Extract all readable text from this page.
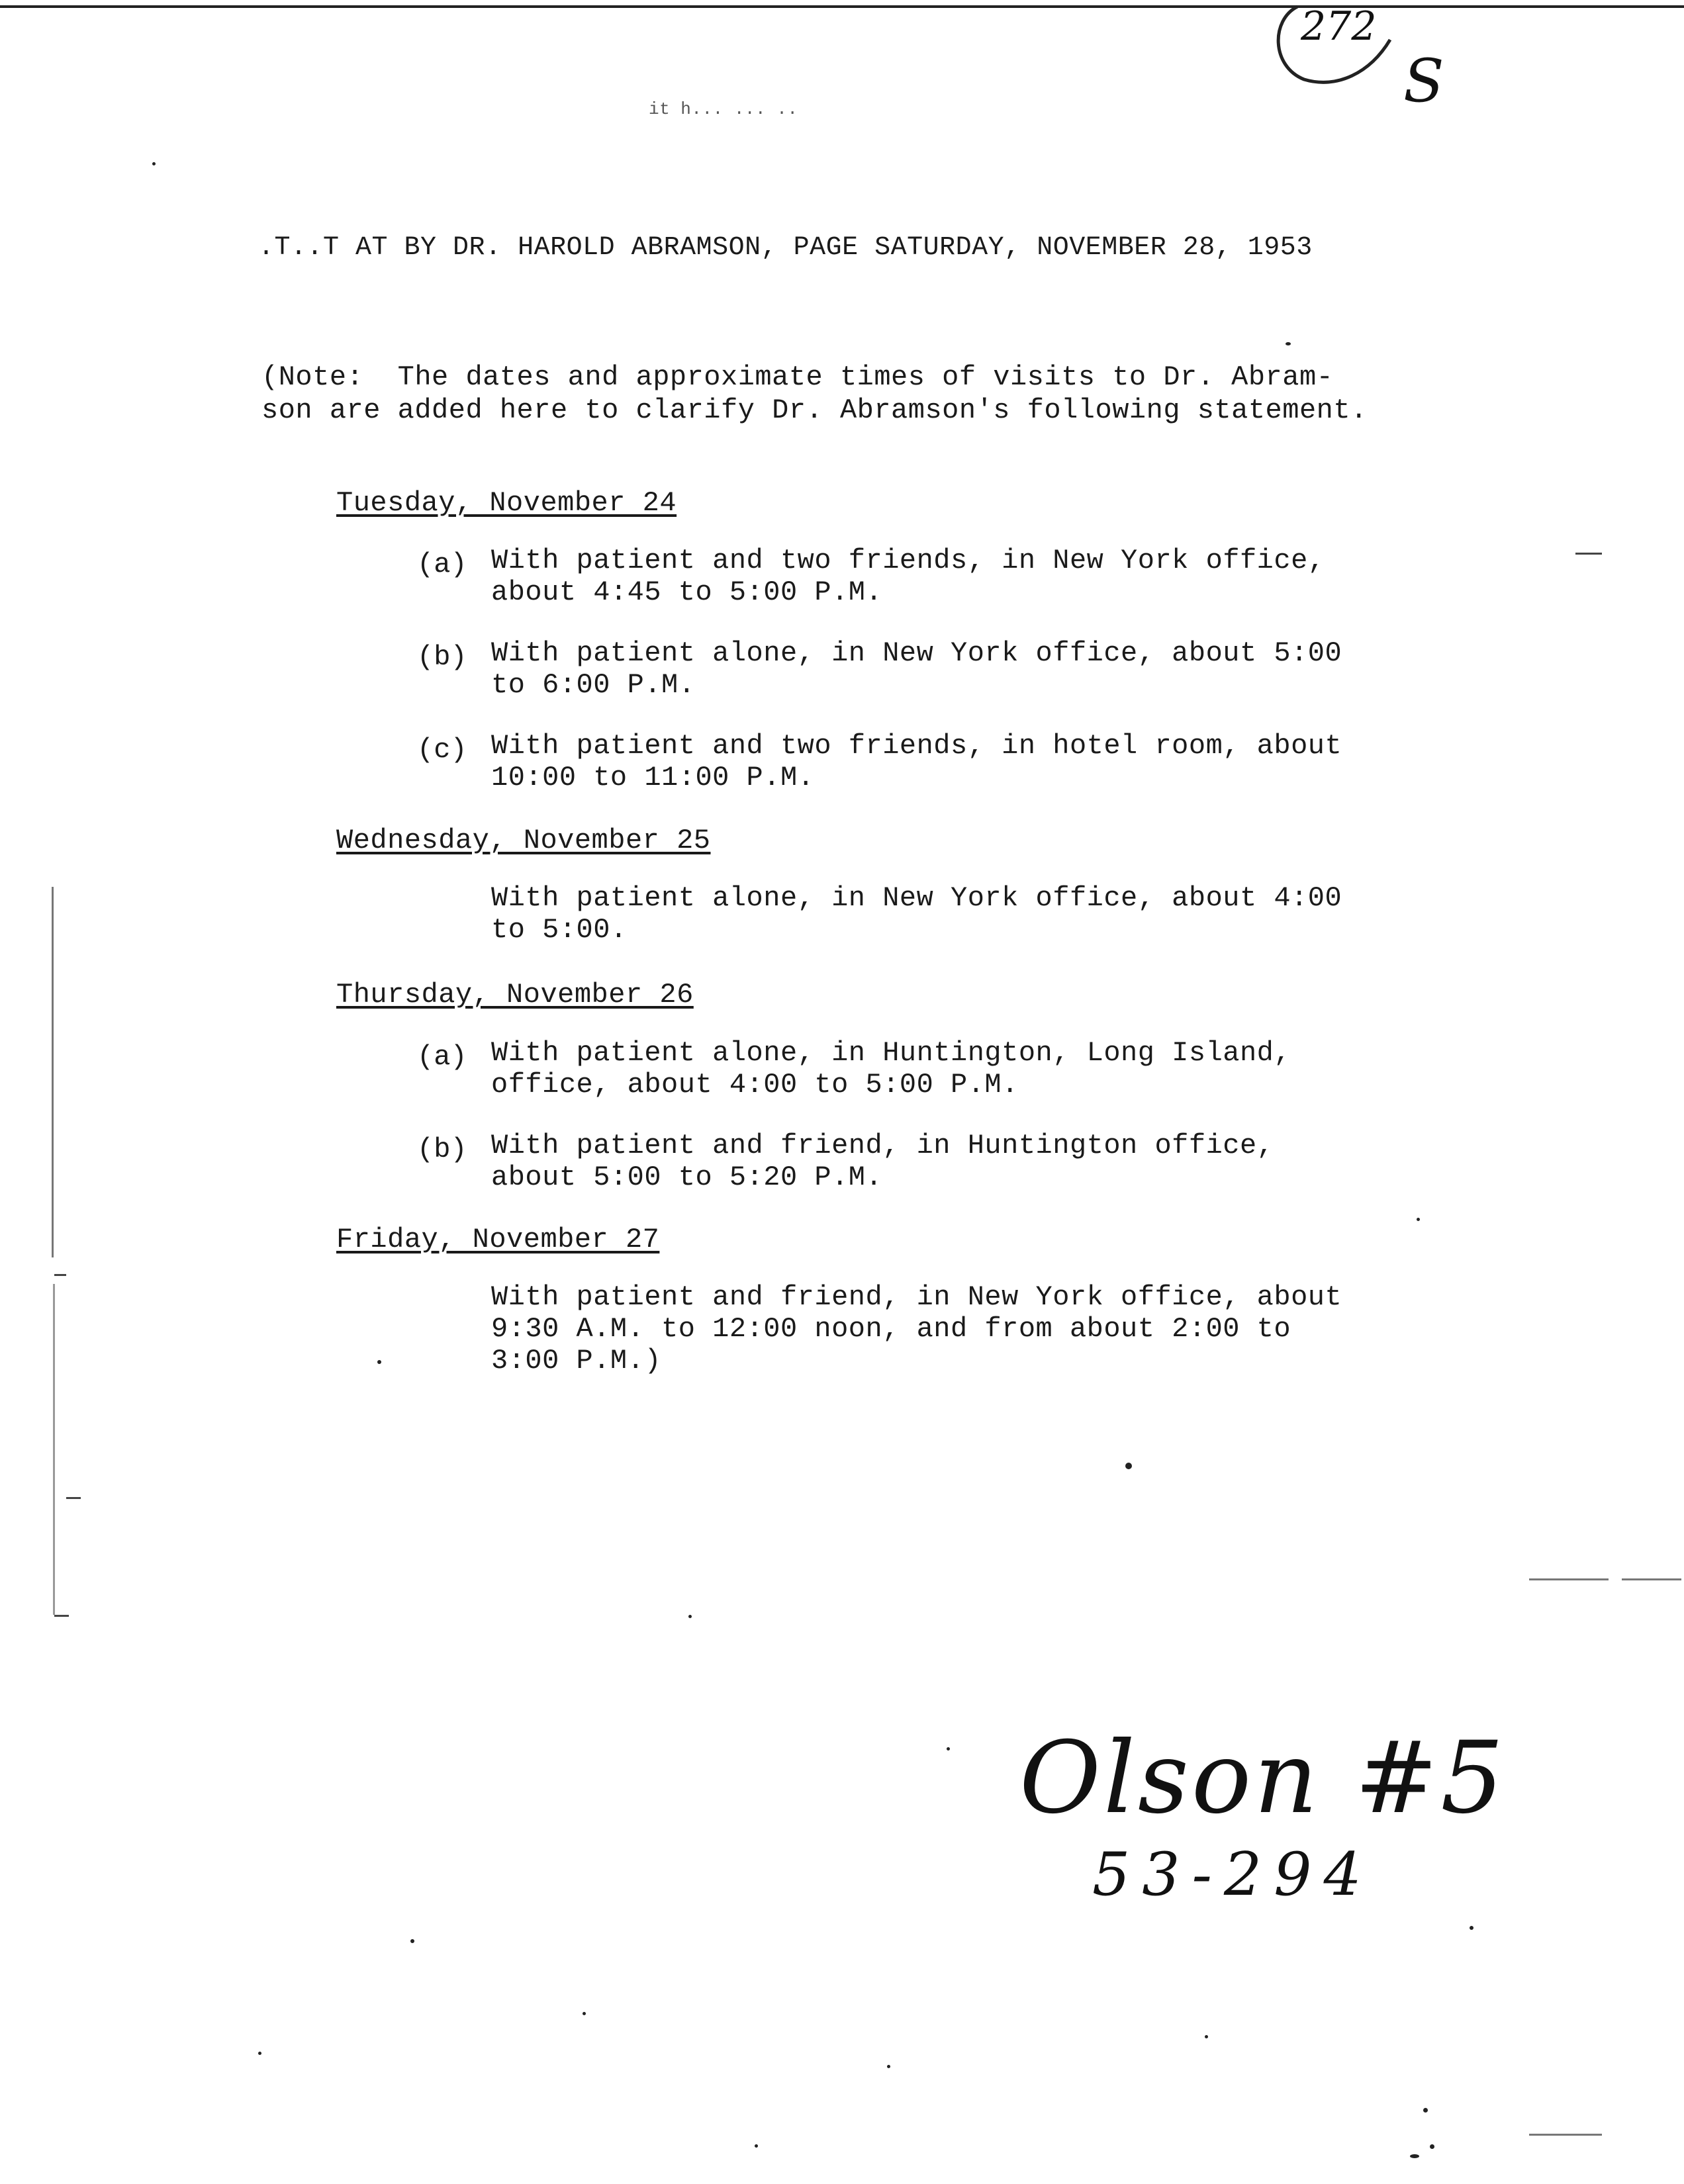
it h... ... ..
.T..T AT BY DR. HAROLD ABRAMSON, PAGE SATURDAY, NOVEMBER 28, 1953
272
S
(Note:  The dates and approximate times of visits to Dr. Abram-
son are added here to clarify Dr. Abramson's following statement.
Tuesday, November 24
(a) With patient and two friends, in New York office,
about 4:45 to 5:00 P.M.
(b) With patient alone, in New York office, about 5:00
to 6:00 P.M.
(c) With patient and two friends, in hotel room, about
10:00 to 11:00 P.M.
Wednesday, November 25
With patient alone, in New York office, about 4:00
to 5:00.
Thursday, November 26
(a) With patient alone, in Huntington, Long Island,
office, about 4:00 to 5:00 P.M.
(b) With patient and friend, in Huntington office,
about 5:00 to 5:20 P.M.
Friday, November 27
With patient and friend, in New York office, about
9:30 A.M. to 12:00 noon, and from about 2:00 to
3:00 P.M.)
Olson #5
53-294
